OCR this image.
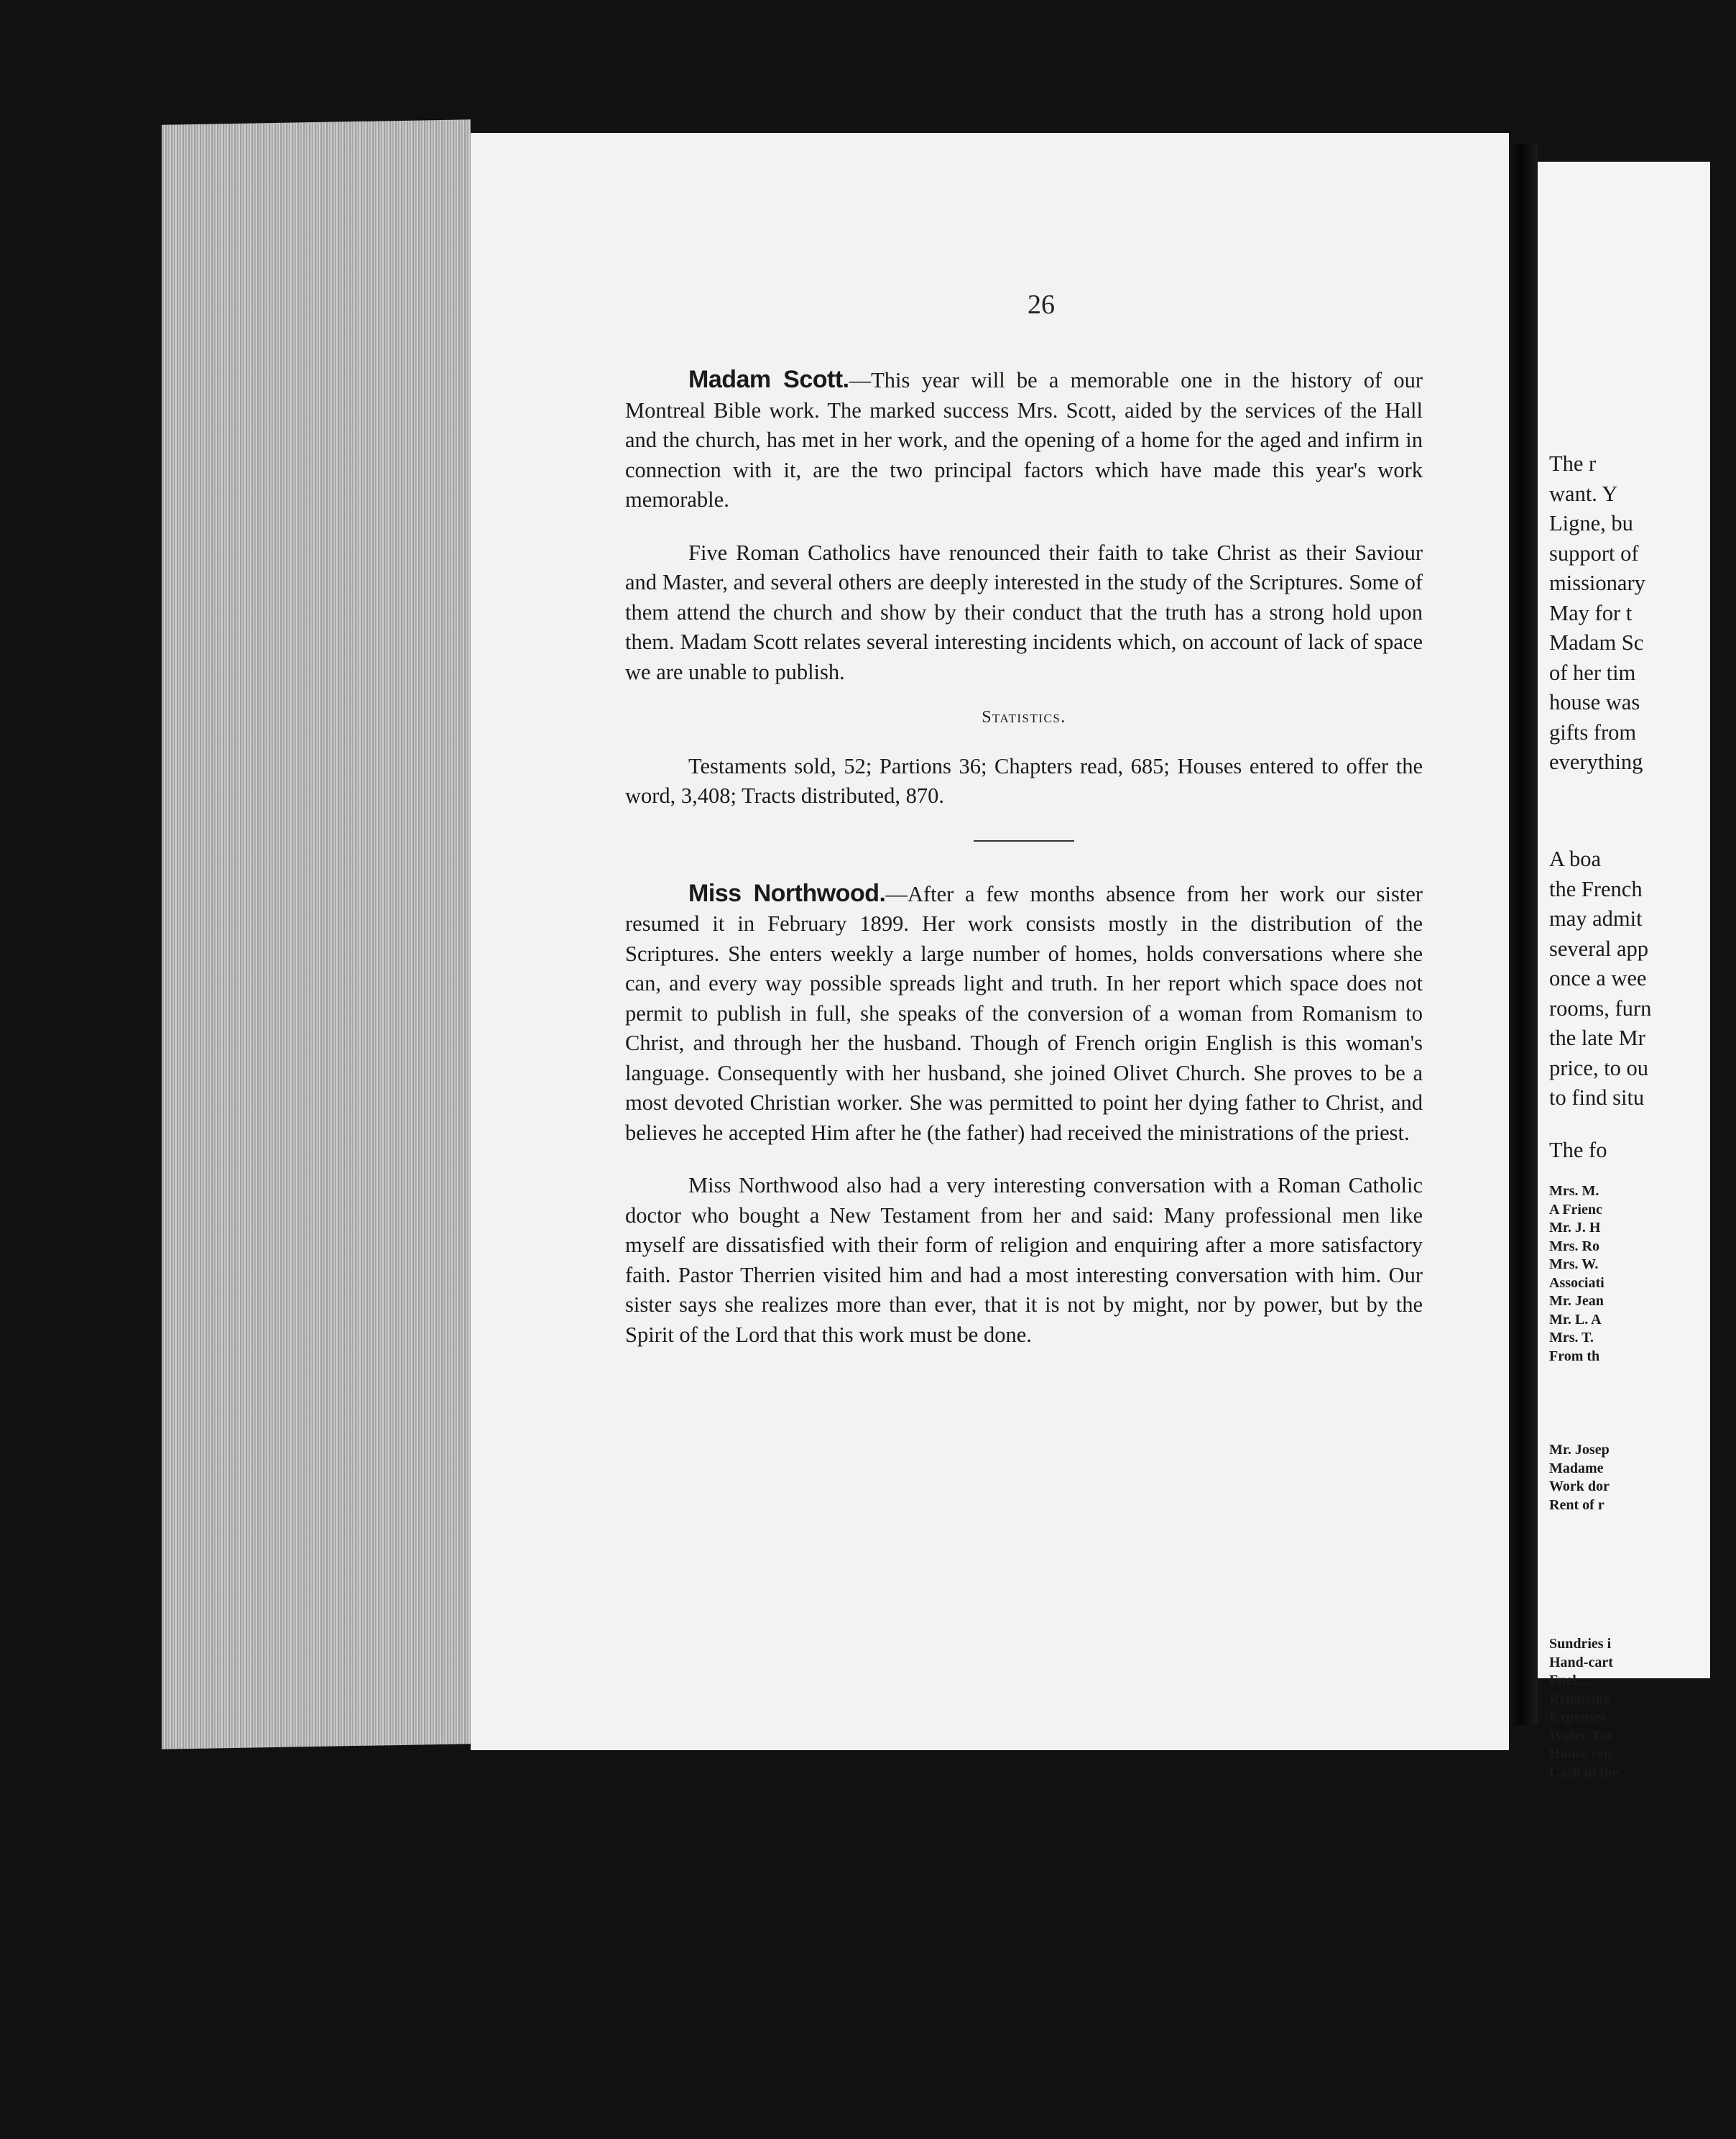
26

Madam Scott.—This year will be a memorable one in the history of our Montreal Bible work. The marked success Mrs. Scott, aided by the services of the Hall and the church, has met in her work, and the opening of a home for the aged and infirm in connection with it, are the two principal factors which have made this year's work memorable.

Five Roman Catholics have renounced their faith to take Christ as their Saviour and Master, and several others are deeply interested in the study of the Scriptures. Some of them attend the church and show by their conduct that the truth has a strong hold upon them. Madam Scott relates several interesting incidents which, on account of lack of space we are unable to publish.

Statistics.

Testaments sold, 52; Partions 36; Chapters read, 685; Houses entered to offer the word, 3,408; Tracts distributed, 870.

Miss Northwood.—After a few months absence from her work our sister resumed it in February 1899. Her work consists mostly in the distribution of the Scriptures. She enters weekly a large number of homes, holds conversations where she can, and every way possible spreads light and truth. In her report which space does not permit to publish in full, she speaks of the conversion of a woman from Romanism to Christ, and through her the husband. Though of French origin English is this woman's language. Consequently with her husband, she joined Olivet Church. She proves to be a most devoted Christian worker. She was permitted to point her dying father to Christ, and believes he accepted Him after he (the father) had received the ministrations of the priest.

Miss Northwood also had a very interesting conversation with a Roman Catholic doctor who bought a New Testament from her and said: Many professional men like myself are dissatisfied with their form of religion and enquiring after a more satisfactory faith. Pastor Therrien visited him and had a most interesting conversation with him. Our sister says she realizes more than ever, that it is not by might, nor by power, but by the Spirit of the Lord that this work must be done.

The r
want. Y
Ligne, bu
support of
missionary
May for t
Madam Sc
of her tim
house was
gifts from
everything
A boa
the French
may admit
several app
once a wee
rooms, furn
the late Mr
price, to ou
to find situ
The fo
Mrs. M.
A Frienc
Mr. J. H
Mrs. Ro
Mrs. W.
Associati
Mr. Jean
Mr. L. A
Mrs. T.
From th
Mr. Josep
Madame
Work dor
Rent of r
Sundries i
Hand-cart
Fuel.....
Repairing
Expenses
Water Tax
House ren
Cash in the
